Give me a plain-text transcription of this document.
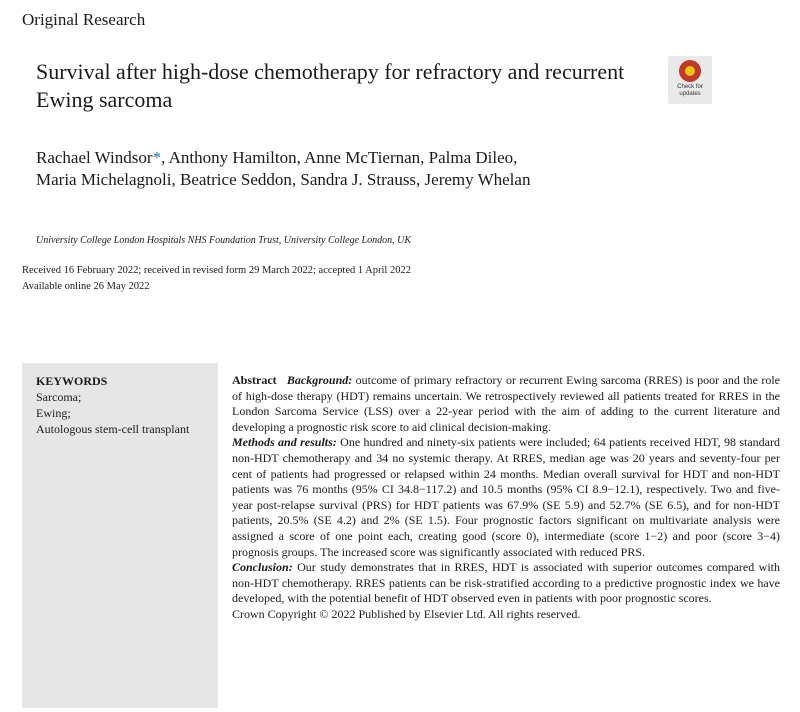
Original Research
Survival after high-dose chemotherapy for refractory and recurrent Ewing sarcoma	Check for updates
Rachael Windsor*, Anthony Hamilton, Anne McTiernan, Palma Dileo,
Maria Michelagnoli, Beatrice Seddon, Sandra J. Strauss, Jeremy Whelan
University College London Hospitals NHS Foundation Trust, University College London, UK
Received 16 February 2022; received in revised form 29 March 2022; accepted 1 April 2022
Available online 26 May 2022
KEYWORDS
Sarcoma;
Ewing;
Autologous stem-cell transplant

Abstract Background: outcome of primary refractory or recurrent Ewing sarcoma (RRES) is poor and the role of high-dose therapy (HDT) remains uncertain. We retrospectively reviewed all patients treated for RRES in the London Sarcoma Service (LSS) over a 22-year period with the aim of adding to the current literature and developing a prognostic risk score to aid clinical decision-making.

Methods and results: One hundred and ninety-six patients were included; 64 patients received HDT, 98 standard non-HDT chemotherapy and 34 no systemic therapy. At RRES, median age was 20 years and seventy-four per cent of patients had progressed or relapsed within 24 months. Median overall survival for HDT and non-HDT patients was 76 months (95% CI 34.8−117.2) and 10.5 months (95% CI 8.9−12.1), respectively. Two and five-year post-relapse survival (PRS) for HDT patients was 67.9% (SE 5.9) and 52.7% (SE 6.5), and for non-HDT patients, 20.5% (SE 4.2) and 2% (SE 1.5). Four prognostic factors significant on multivariate analysis were assigned a score of one point each, creating good (score 0), intermediate (score 1−2) and poor (score 3−4) prognosis groups. The increased score was significantly associated with reduced PRS.

Conclusion: Our study demonstrates that in RRES, HDT is associated with superior outcomes compared with non-HDT chemotherapy. RRES patients can be risk-stratified according to a predictive prognostic index we have developed, with the potential benefit of HDT observed even in patients with poor prognostic scores.

Crown Copyright © 2022 Published by Elsevier Ltd. All rights reserved.
